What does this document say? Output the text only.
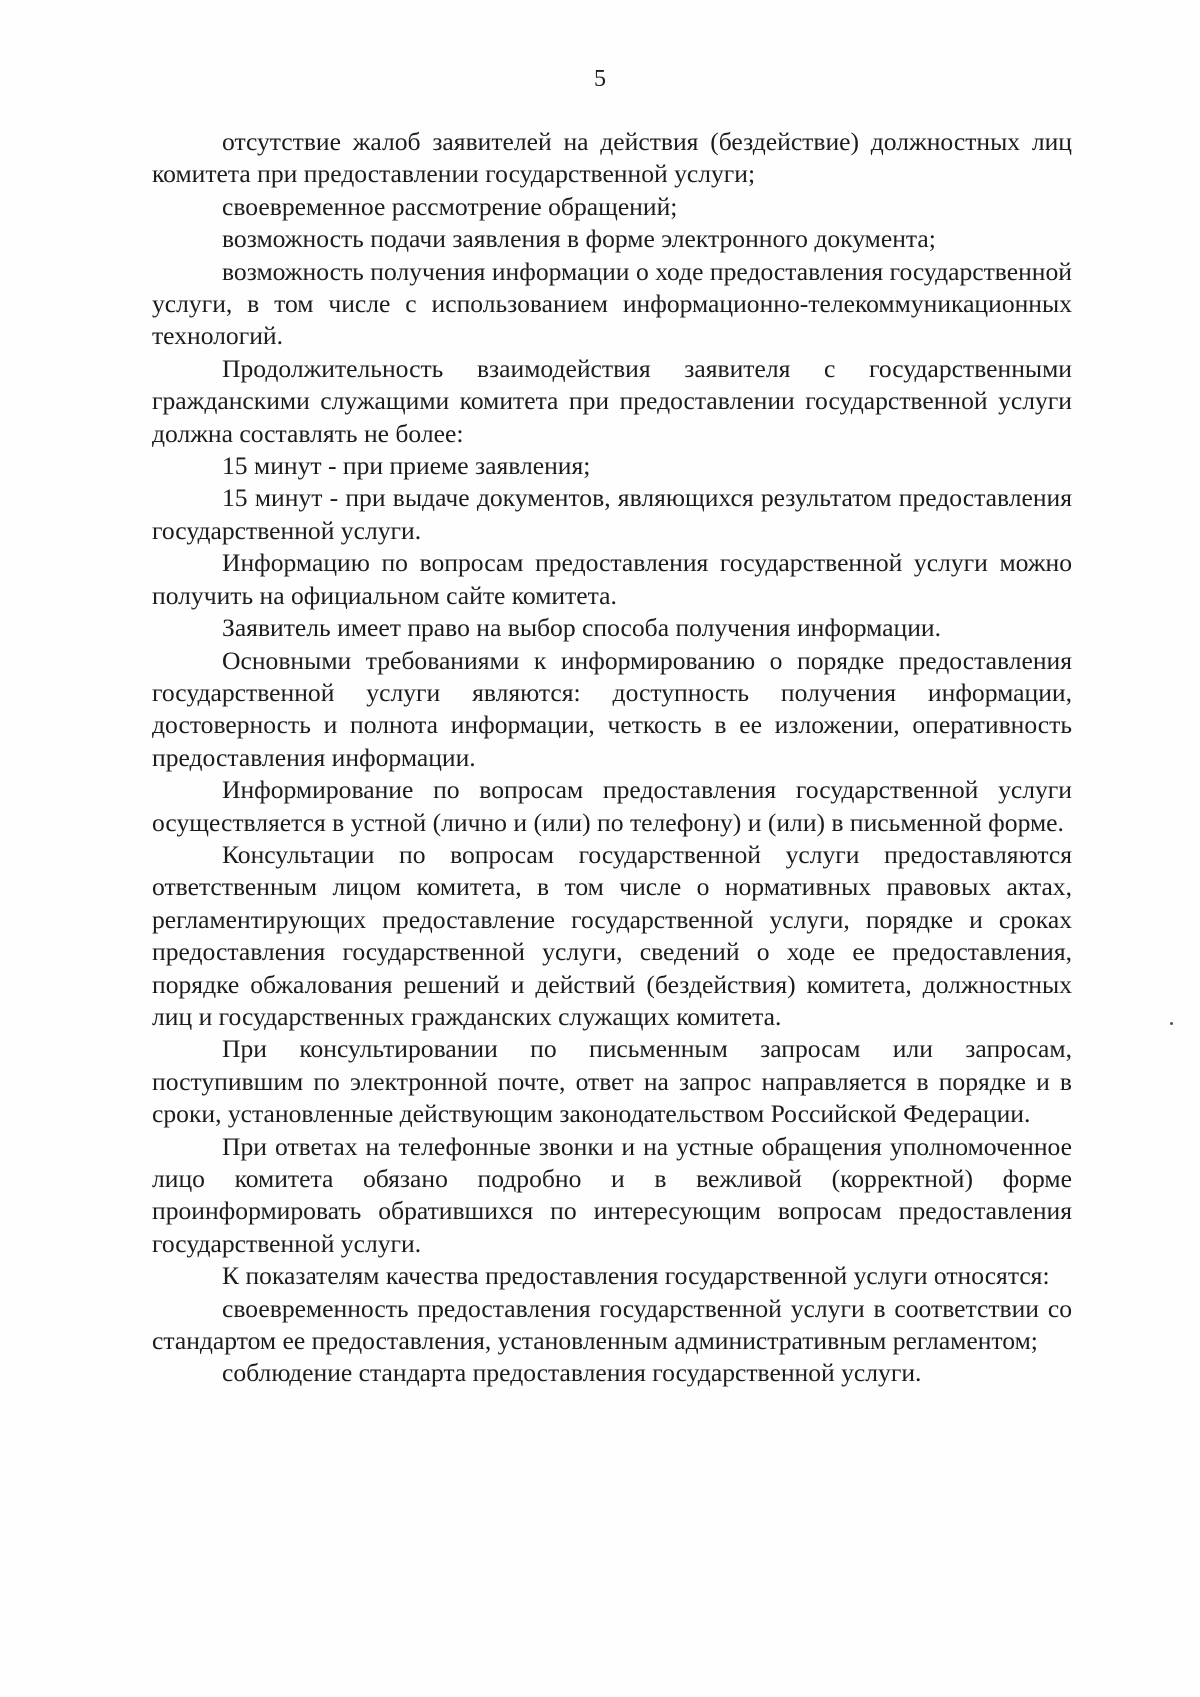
5

отсутствие жалоб заявителей на действия (бездействие) должностных лиц комитета при предоставлении государственной услуги;

своевременное рассмотрение обращений;

возможность подачи заявления в форме электронного документа;

возможность получения информации о ходе предоставления государственной услуги, в том числе с использованием информационно-телекоммуникационных технологий.

Продолжительность взаимодействия заявителя с государственными гражданскими служащими комитета при предоставлении государственной услуги должна составлять не более:

15 минут - при приеме заявления;

15 минут - при выдаче документов, являющихся результатом предоставления государственной услуги.

Информацию по вопросам предоставления государственной услуги можно получить на официальном сайте комитета.

Заявитель имеет право на выбор способа получения информации.

Основными требованиями к информированию о порядке предоставления государственной услуги являются: доступность получения информации, достоверность и полнота информации, четкость в ее изложении, оперативность предоставления информации.

Информирование по вопросам предоставления государственной услуги осуществляется в устной (лично и (или) по телефону) и (или) в письменной форме.

Консультации по вопросам государственной услуги предоставляются ответственным лицом комитета, в том числе о нормативных правовых актах, регламентирующих предоставление государственной услуги, порядке и сроках предоставления государственной услуги, сведений о ходе ее предоставления, порядке обжалования решений и действий (бездействия) комитета, должностных лиц и государственных гражданских служащих комитета.

При консультировании по письменным запросам или запросам, поступившим по электронной почте, ответ на запрос направляется в порядке и в сроки, установленные действующим законодательством Российской Федерации.

При ответах на телефонные звонки и на устные обращения уполномоченное лицо комитета обязано подробно и в вежливой (корректной) форме проинформировать обратившихся по интересующим вопросам предоставления государственной услуги.

К показателям качества предоставления государственной услуги относятся:

своевременность предоставления государственной услуги в соответствии со стандартом ее предоставления, установленным административным регламентом;

соблюдение стандарта предоставления государственной услуги.
